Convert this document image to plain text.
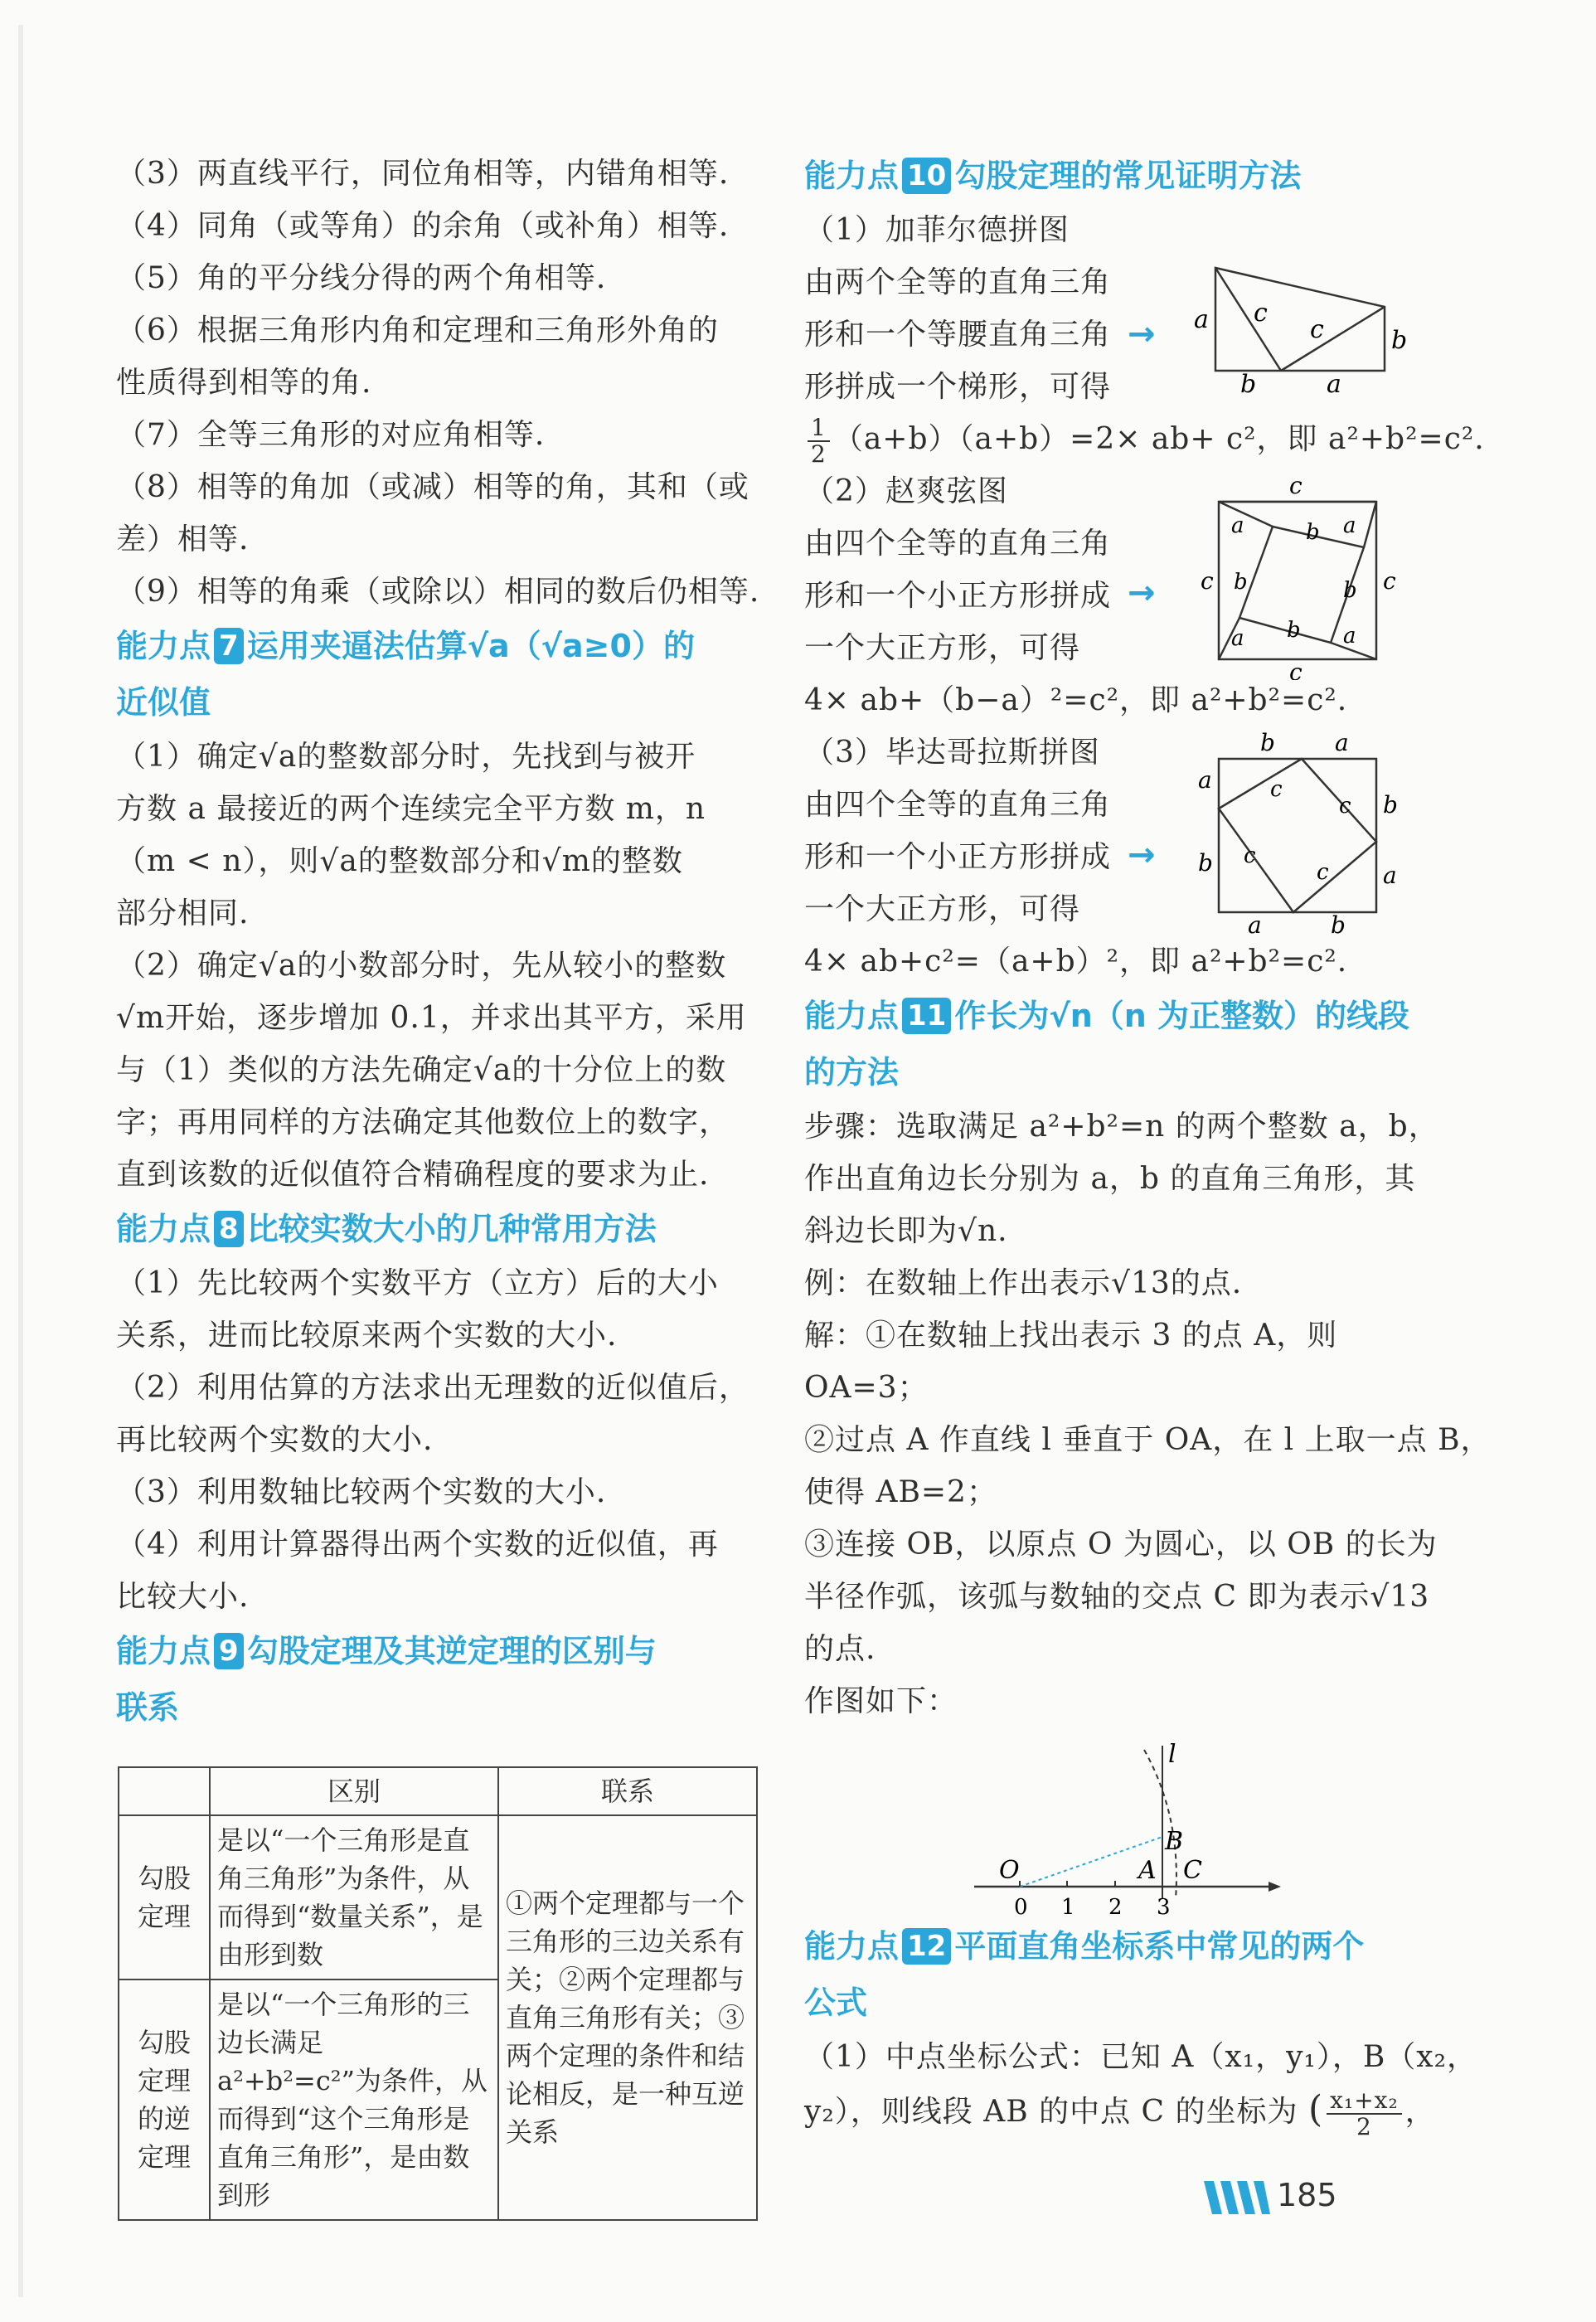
（3）两直线平行，同位角相等，内错角相等.
（4）同角（或等角）的余角（或补角）相等.
（5）角的平分线分得的两个角相等.
（6）根据三角形内角和定理和三角形外角的
性质得到相等的角.
（7）全等三角形的对应角相等.
（8）相等的角加（或减）相等的角，其和（或
差）相等.
（9）相等的角乘（或除以）相同的数后仍相等.
能力点 7 运用夹逼法估算√a（√a≥0）的
近似值
（1）确定√a的整数部分时，先找到与被开
方数 a 最接近的两个连续完全平方数 m，n
（m < n），则√a的整数部分和√m的整数
部分相同.
（2）确定√a的小数部分时，先从较小的整数
√m开始，逐步增加 0.1，并求出其平方，采用
与（1）类似的方法先确定√a的十分位上的数
字；再用同样的方法确定其他数位上的数字，
直到该数的近似值符合精确程度的要求为止.
能力点 8 比较实数大小的几种常用方法
（1）先比较两个实数平方（立方）后的大小
关系，进而比较原来两个实数的大小.
（2）利用估算的方法求出无理数的近似值后，
再比较两个实数的大小.
（3）利用数轴比较两个实数的大小.
（4）利用计算器得出两个实数的近似值，再
比较大小.
能力点 9 勾股定理及其逆定理的区别与
联系
	区别	联系
勾股定理	是以“一个三角形是直角三角形”为条件，从而得到“数量关系”，是由形到数	①两个定理都与一个三角形的三边关系有关；②两个定理都与直角三角形有关；③两个定理的条件和结论相反，是一种互逆关系
勾股定理的逆定理	是以“一个三角形的三边长满足 a²+b²=c²”为条件，从而得到“这个三角形是直角三角形”，是由数到形	
能力点 10 勾股定理的常见证明方法
（1）加菲尔德拼图
由两个全等的直角三角
形和一个等腰直角三角
形拼成一个梯形，可得
$\frac{1}{2} (a+b)(a+b)=2\times ab+ c^2$，即 a²+b²=c².
（2）赵爽弦图
由四个全等的直角三角
形和一个小正方形拼成
一个大正方形，可得
4× ab+（b−a）²=c²，即 a²+b²=c².
（3）毕达哥拉斯拼图
由四个全等的直角三角
形和一个小正方形拼成
一个大正方形，可得
4× ab+c²=（a+b）²，即 a²+b²=c².
能力点 11 作长为√n（n 为正整数）的线段
的方法
步骤：选取满足 a²+b²=n 的两个整数 a，b，
作出直角边长分别为 a，b 的直角三角形，其
斜边长即为√n.
例：在数轴上作出表示√13的点.
解：①在数轴上找出表示 3 的点 A，则
OA=3；
②过点 A 作直线 l 垂直于 OA，在 l 上取一点 B，
使得 AB=2；
③连接 OB，以原点 O 为圆心，以 OB 的长为
半径作弧，该弧与数轴的交点 C 即为表示√13
的点.
作图如下：
能力点 12 平面直角坐标系中常见的两个
公式
（1）中点坐标公式：已知 A（x₁，y₁），B（x₂，
y₂），则线段 AB 的中点 C 的坐标为 ( $\frac{\text{x₁+x₂}}{2}$ ，
→ a c
c	b
b	a
→
c
c	c
c
a	b a
b	b
a
a b
→
b	a
a
b
b	a
a	b
c
c
c
c
l
B
O	A C
0 1 2 3
185
